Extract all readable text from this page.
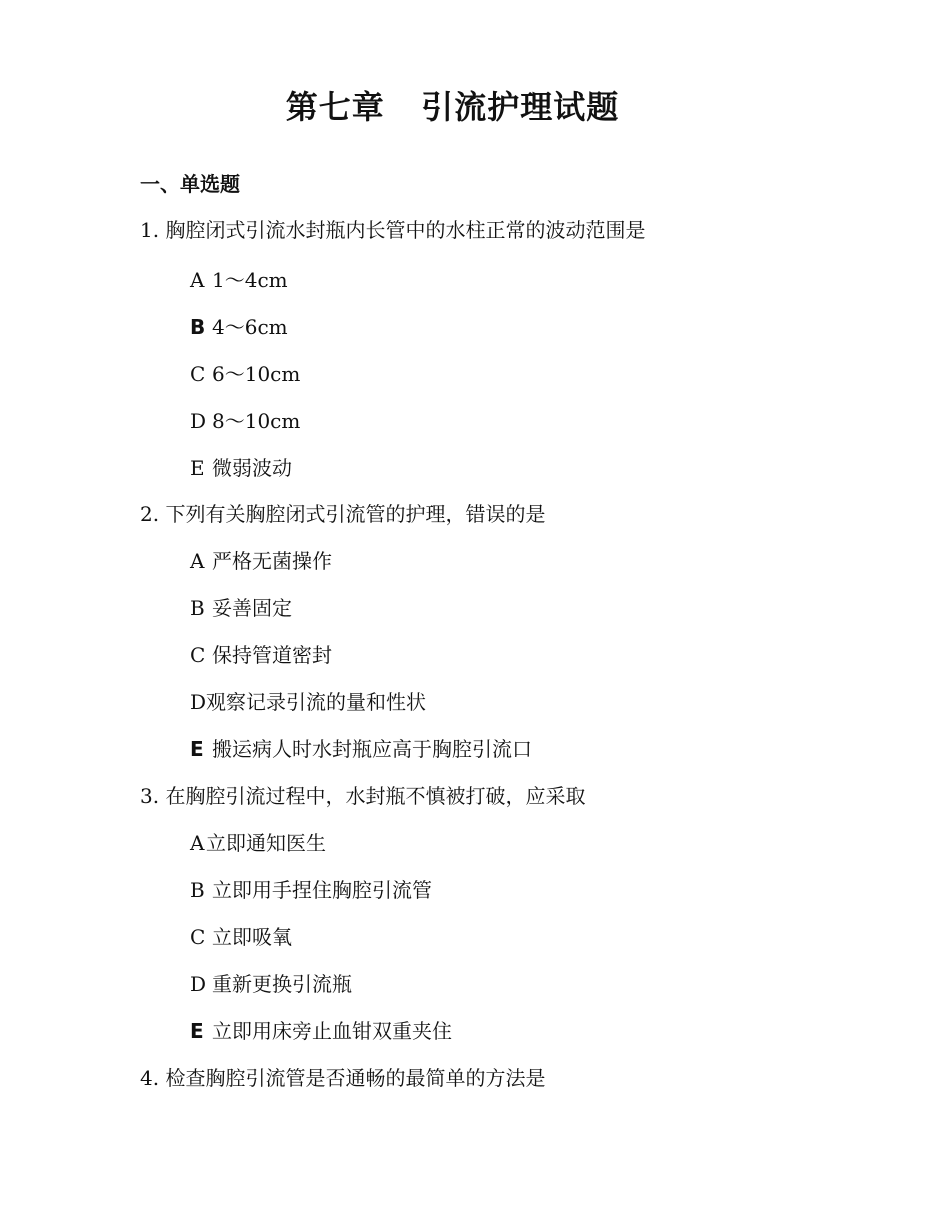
第七章   引流护理试题
一、单选题
1. 胸腔闭式引流水封瓶内长管中的水柱正常的波动范围是
A 1～4cm
B 4～6cm
C 6～10cm
D 8～10cm
E 微弱波动
2. 下列有关胸腔闭式引流管的护理，错误的是
A 严格无菌操作
B 妥善固定
C 保持管道密封
D观察记录引流的量和性状
E 搬运病人时水封瓶应高于胸腔引流口
3. 在胸腔引流过程中，水封瓶不慎被打破，应采取
A立即通知医生
B 立即用手捏住胸腔引流管
C 立即吸氧
D 重新更换引流瓶
E 立即用床旁止血钳双重夹住
4. 检查胸腔引流管是否通畅的最简单的方法是
